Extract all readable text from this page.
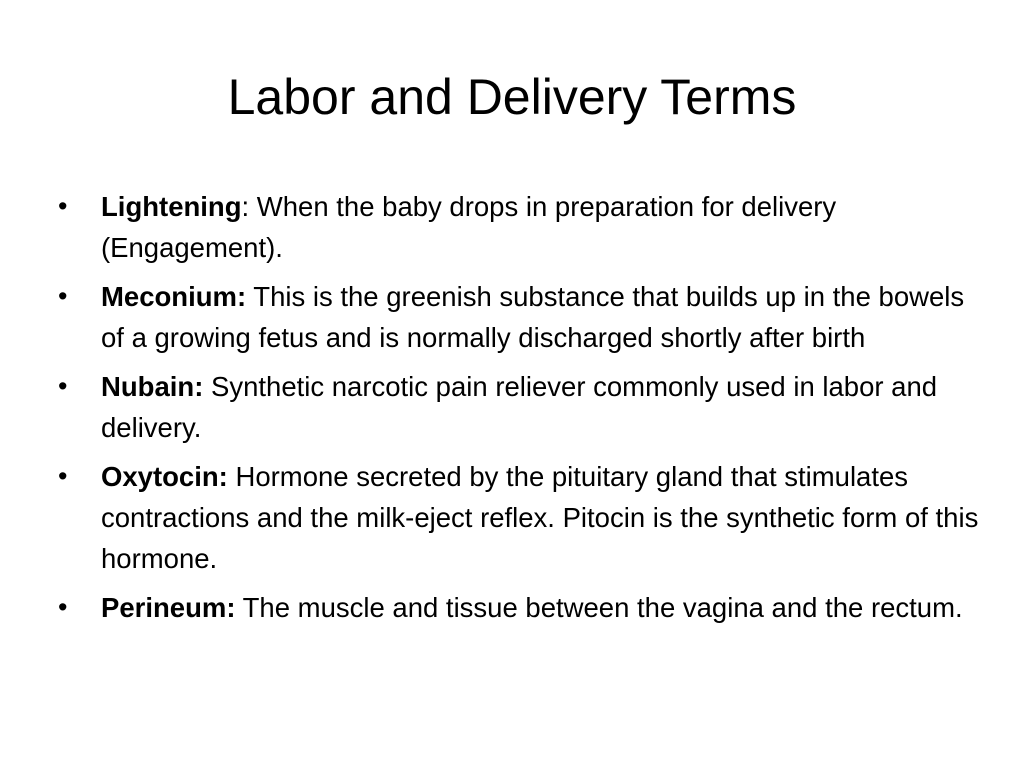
Labor and Delivery Terms
• Lightening: When the baby drops in preparation for delivery (Engagement).
• Meconium: This is the greenish substance that builds up in the bowels of a growing fetus and is normally discharged shortly after birth
• Nubain: Synthetic narcotic pain reliever commonly used in labor and delivery.
• Oxytocin: Hormone secreted by the pituitary gland that stimulates contractions and the milk-eject reflex. Pitocin is the synthetic form of this hormone.
• Perineum: The muscle and tissue between the vagina and the rectum.
